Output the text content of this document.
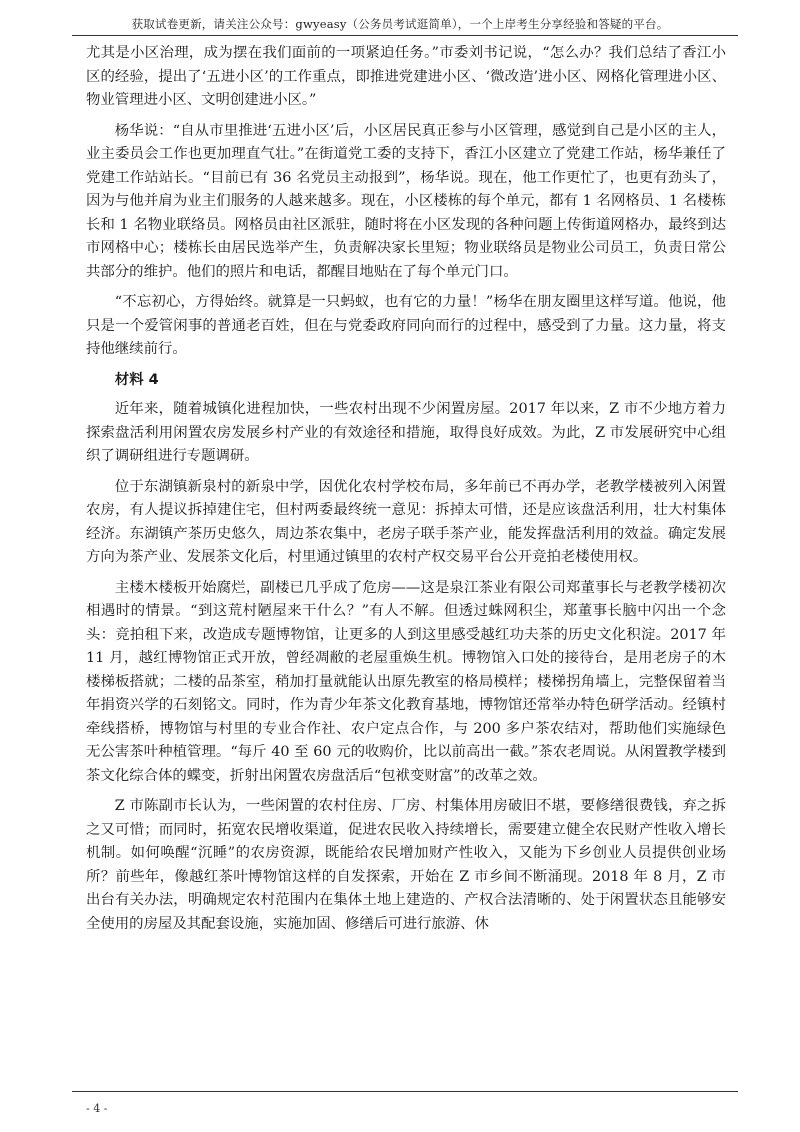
获取试卷更新，请关注公众号：gwyeasy（公务员考试逛简单），一个上岸考生分享经验和答疑的平台。

尤其是小区治理，成为摆在我们面前的一项紧迫任务。”市委刘书记说，“怎么办？我们总结了香江小区的经验，提出了‘五进小区’的工作重点，即推进党建进小区、‘微改造’进小区、网格化管理进小区、物业管理进小区、文明创建进小区。”

杨华说：“自从市里推进‘五进小区’后，小区居民真正参与小区管理，感觉到自己是小区的主人，业主委员会工作也更加理直气壮。”在街道党工委的支持下，香江小区建立了党建工作站，杨华兼任了党建工作站站长。“目前已有 36 名党员主动报到”，杨华说。现在，他工作更忙了，也更有劲头了，因为与他并肩为业主们服务的人越来越多。现在，小区楼栋的每个单元，都有 1 名网格员、1 名楼栋长和 1 名物业联络员。网格员由社区派驻，随时将在小区发现的各种问题上传街道网格办，最终到达市网格中心；楼栋长由居民选举产生，负责解决家长里短；物业联络员是物业公司员工，负责日常公共部分的维护。他们的照片和电话，都醒目地贴在了每个单元门口。

“不忘初心，方得始终。就算是一只蚂蚁，也有它的力量！”杨华在朋友圈里这样写道。他说，他只是一个爱管闲事的普通老百姓，但在与党委政府同向而行的过程中，感受到了力量。这力量，将支持他继续前行。

材料 4

近年来，随着城镇化进程加快，一些农村出现不少闲置房屋。2017 年以来，Z 市不少地方着力探索盘活利用闲置农房发展乡村产业的有效途径和措施，取得良好成效。为此，Z 市发展研究中心组织了调研组进行专题调研。

位于东湖镇新泉村的新泉中学，因优化农村学校布局，多年前已不再办学，老教学楼被列入闲置农房，有人提议拆掉建住宅，但村两委最终统一意见：拆掉太可惜，还是应该盘活利用，壮大村集体经济。东湖镇产茶历史悠久，周边茶农集中，老房子联手茶产业，能发挥盘活利用的效益。确定发展方向为茶产业、发展茶文化后，村里通过镇里的农村产权交易平台公开竞拍老楼使用权。

主楼木楼板开始腐烂，副楼已几乎成了危房——这是泉江茶业有限公司郑董事长与老教学楼初次相遇时的情景。“到这荒村陋屋来干什么？”有人不解。但透过蛛网积尘，郑董事长脑中闪出一个念头：竞拍租下来，改造成专题博物馆，让更多的人到这里感受越红功夫茶的历史文化积淀。2017 年 11 月，越红博物馆正式开放，曾经凋敝的老屋重焕生机。博物馆入口处的接待台，是用老房子的木楼梯板搭就；二楼的品茶室，稍加打量就能认出原先教室的格局模样；楼梯拐角墙上，完整保留着当年捐资兴学的石刻铭文。同时，作为青少年茶文化教育基地，博物馆还常举办特色研学活动。经镇村牵线搭桥，博物馆与村里的专业合作社、农户定点合作，与 200 多户茶农结对，帮助他们实施绿色无公害茶叶种植管理。“每斤 40 至 60 元的收购价，比以前高出一截。”茶农老周说。从闲置教学楼到茶文化综合体的蝶变，折射出闲置农房盘活后“包袱变财富”的改革之效。

Z 市陈副市长认为，一些闲置的农村住房、厂房、村集体用房破旧不堪，要修缮很费钱，弃之拆之又可惜；而同时，拓宽农民增收渠道，促进农民收入持续增长，需要建立健全农民财产性收入增长机制。如何唤醒“沉睡”的农房资源，既能给农民增加财产性收入，又能为下乡创业人员提供创业场所？前些年，像越红茶叶博物馆这样的自发探索，开始在 Z 市乡间不断涌现。2018 年 8 月，Z 市出台有关办法，明确规定农村范围内在集体土地上建造的、产权合法清晰的、处于闲置状态且能够安全使用的房屋及其配套设施，实施加固、修缮后可进行旅游、休

- 4 -
